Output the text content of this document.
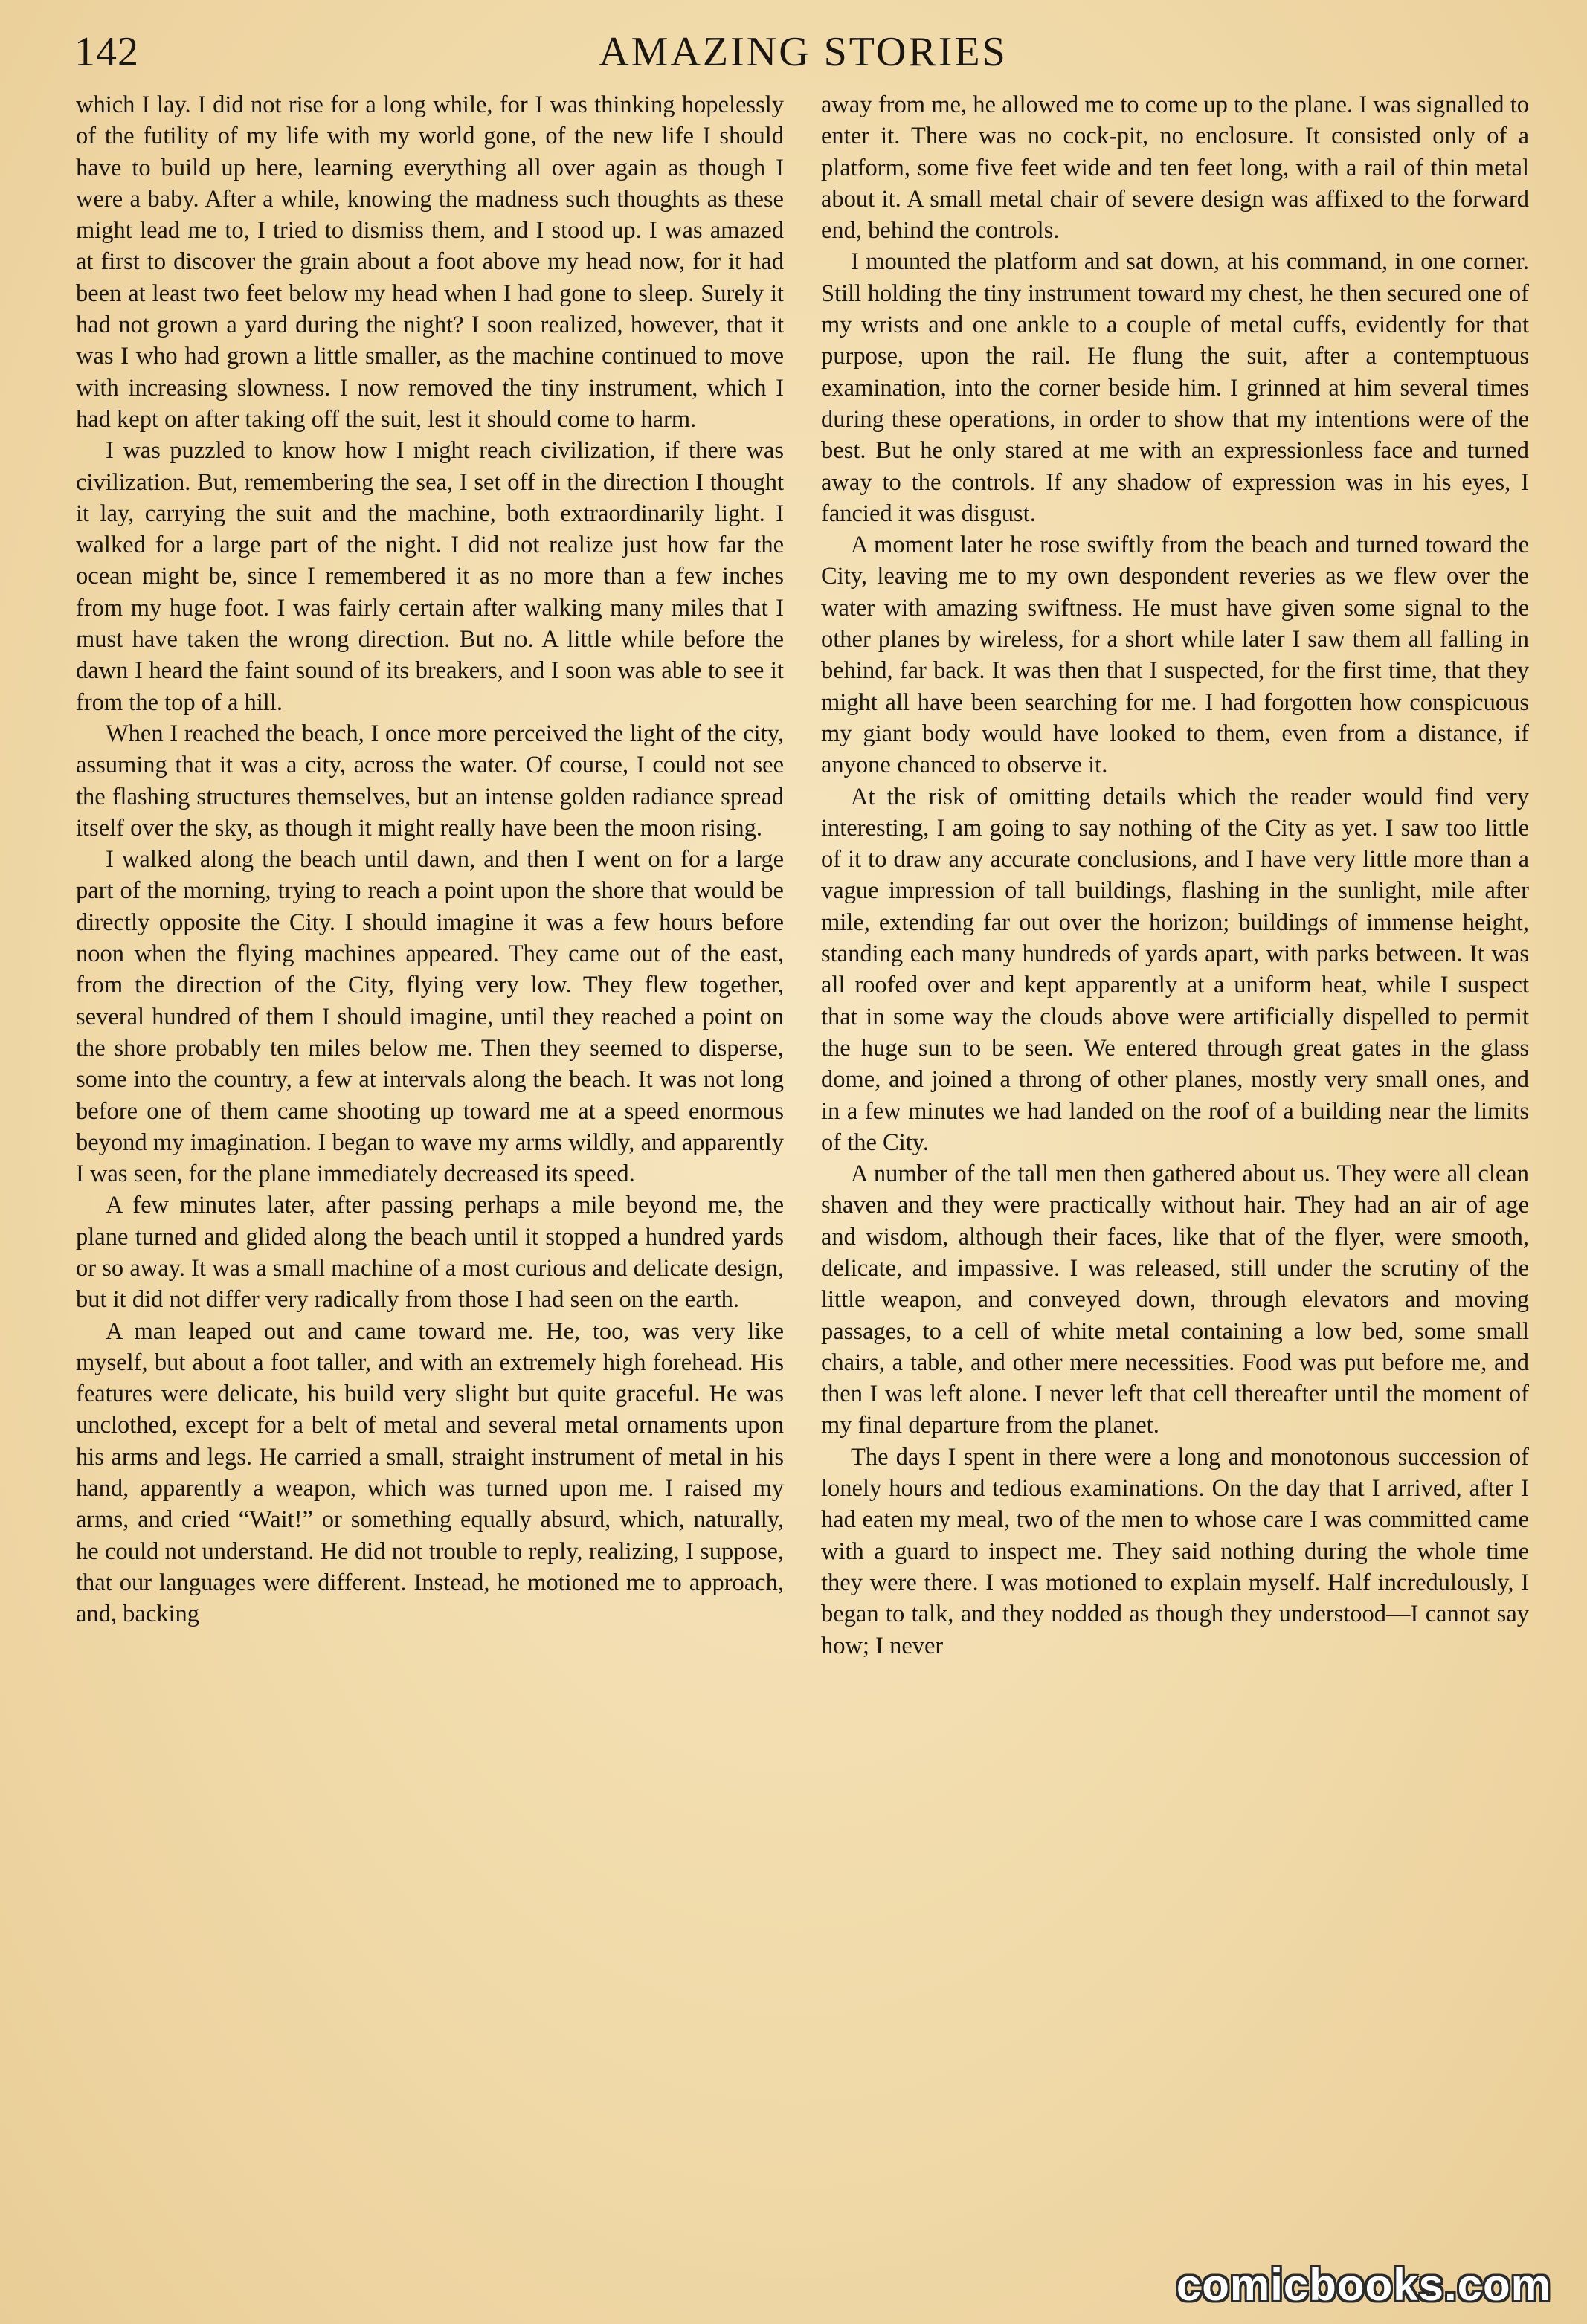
142	AMAZING STORIES

which I lay. I did not rise for a long while, for I was thinking hopelessly of the futility of my life with my world gone, of the new life I should have to build up here, learning everything all over again as though I were a baby. After a while, knowing the madness such thoughts as these might lead me to, I tried to dismiss them, and I stood up. I was amazed at first to discover the grain about a foot above my head now, for it had been at least two feet below my head when I had gone to sleep. Surely it had not grown a yard during the night? I soon realized, however, that it was I who had grown a little smaller, as the machine continued to move with increasing slowness. I now removed the tiny instrument, which I had kept on after taking off the suit, lest it should come to harm.

I was puzzled to know how I might reach civilization, if there was civilization. But, remembering the sea, I set off in the direction I thought it lay, carrying the suit and the machine, both extraordinarily light. I walked for a large part of the night. I did not realize just how far the ocean might be, since I remembered it as no more than a few inches from my huge foot. I was fairly certain after walking many miles that I must have taken the wrong direction. But no. A little while before the dawn I heard the faint sound of its breakers, and I soon was able to see it from the top of a hill.

When I reached the beach, I once more perceived the light of the city, assuming that it was a city, across the water. Of course, I could not see the flashing structures themselves, but an intense golden radiance spread itself over the sky, as though it might really have been the moon rising.

I walked along the beach until dawn, and then I went on for a large part of the morning, trying to reach a point upon the shore that would be directly opposite the City. I should imagine it was a few hours before noon when the flying machines appeared. They came out of the east, from the direction of the City, flying very low. They flew together, several hundred of them I should imagine, until they reached a point on the shore probably ten miles below me. Then they seemed to disperse, some into the country, a few at intervals along the beach. It was not long before one of them came shooting up toward me at a speed enormous beyond my imagination. I began to wave my arms wildly, and apparently I was seen, for the plane immediately decreased its speed.

A few minutes later, after passing perhaps a mile beyond me, the plane turned and glided along the beach until it stopped a hundred yards or so away. It was a small machine of a most curious and delicate design, but it did not differ very radically from those I had seen on the earth.

A man leaped out and came toward me. He, too, was very like myself, but about a foot taller, and with an extremely high forehead. His features were delicate, his build very slight but quite graceful. He was unclothed, except for a belt of metal and several metal ornaments upon his arms and legs. He carried a small, straight instrument of metal in his hand, apparently a weapon, which was turned upon me. I raised my arms, and cried “Wait!” or something equally absurd, which, naturally, he could not understand. He did not trouble to reply, realizing, I suppose, that our languages were different. Instead, he motioned me to approach, and, backing

away from me, he allowed me to come up to the plane. I was signalled to enter it. There was no cock-pit, no enclosure. It consisted only of a platform, some five feet wide and ten feet long, with a rail of thin metal about it. A small metal chair of severe design was affixed to the forward end, behind the controls.

I mounted the platform and sat down, at his command, in one corner. Still holding the tiny instrument toward my chest, he then secured one of my wrists and one ankle to a couple of metal cuffs, evidently for that purpose, upon the rail. He flung the suit, after a contemptuous examination, into the corner beside him. I grinned at him several times during these operations, in order to show that my intentions were of the best. But he only stared at me with an expressionless face and turned away to the controls. If any shadow of expression was in his eyes, I fancied it was disgust.

A moment later he rose swiftly from the beach and turned toward the City, leaving me to my own despondent reveries as we flew over the water with amazing swiftness. He must have given some signal to the other planes by wireless, for a short while later I saw them all falling in behind, far back. It was then that I suspected, for the first time, that they might all have been searching for me. I had forgotten how conspicuous my giant body would have looked to them, even from a distance, if anyone chanced to observe it.

At the risk of omitting details which the reader would find very interesting, I am going to say nothing of the City as yet. I saw too little of it to draw any accurate conclusions, and I have very little more than a vague impression of tall buildings, flashing in the sunlight, mile after mile, extending far out over the horizon; buildings of immense height, standing each many hundreds of yards apart, with parks between. It was all roofed over and kept apparently at a uniform heat, while I suspect that in some way the clouds above were artificially dispelled to permit the huge sun to be seen. We entered through great gates in the glass dome, and joined a throng of other planes, mostly very small ones, and in a few minutes we had landed on the roof of a building near the limits of the City.

A number of the tall men then gathered about us. They were all clean shaven and they were practically without hair. They had an air of age and wisdom, although their faces, like that of the flyer, were smooth, delicate, and impassive. I was released, still under the scrutiny of the little weapon, and conveyed down, through elevators and moving passages, to a cell of white metal containing a low bed, some small chairs, a table, and other mere necessities. Food was put before me, and then I was left alone. I never left that cell thereafter until the moment of my final departure from the planet.

The days I spent in there were a long and monotonous succession of lonely hours and tedious examinations. On the day that I arrived, after I had eaten my meal, two of the men to whose care I was committed came with a guard to inspect me. They said nothing during the whole time they were there. I was motioned to explain myself. Half incredulously, I began to talk, and they nodded as though they understood—I cannot say how; I never

comicbooks.com
